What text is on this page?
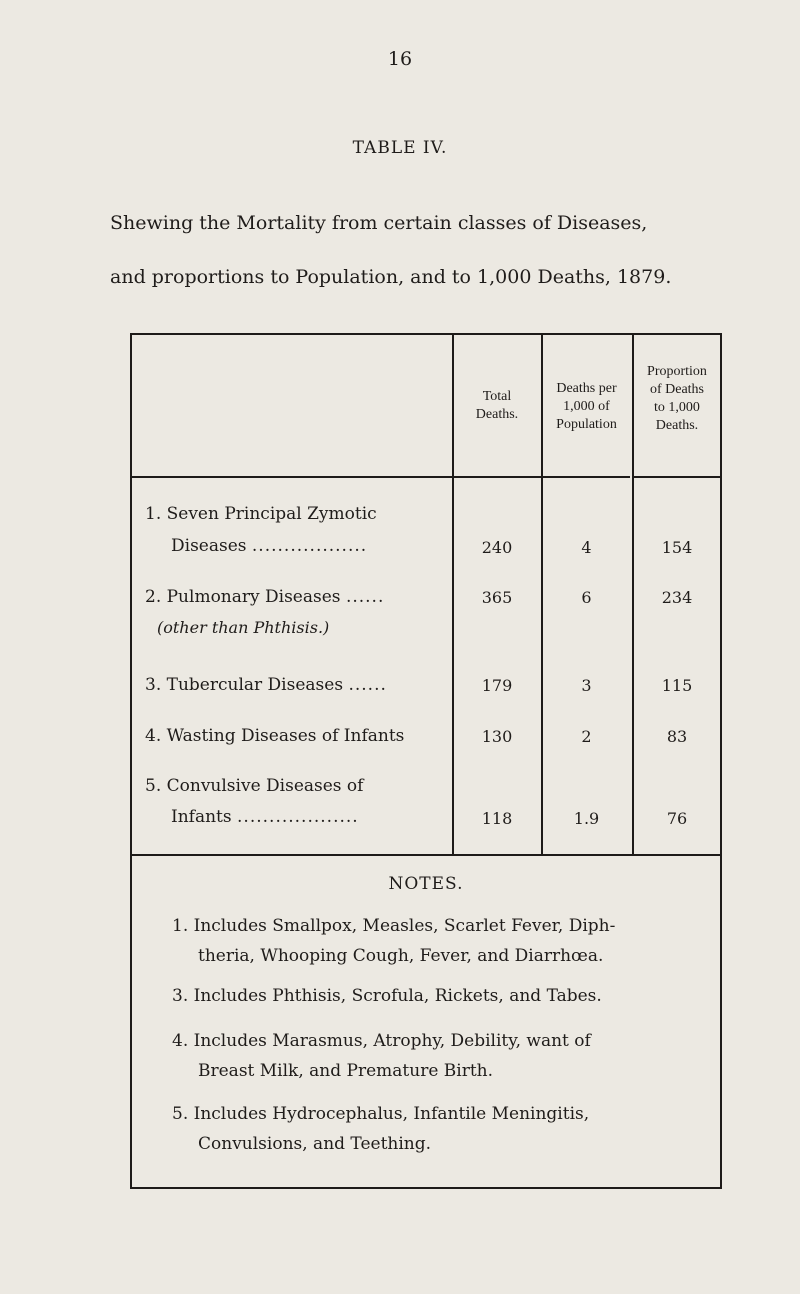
16
TABLE IV.
Shewing the Mortality from certain classes of Diseases,
and proportions to Population, and to 1,000 Deaths, 1879.
Total
Deaths.
Deaths per
1,000 of
Population
Proportion
of Deaths
to 1,000
Deaths.
1. Seven Principal Zymotic
Diseases ..................	240	4	154
2. Pulmonary Diseases ......
(other than Phthisis.)
365	6	234
3. Tubercular Diseases ......	179	3	115
4. Wasting Diseases of Infants	130	2	83
5. Convulsive Diseases of
Infants ...................	118	1.9	76
NOTES.
1. Includes Smallpox, Measles, Scarlet Fever, Diph-
theria, Whooping Cough, Fever, and Diarrhœa.
3. Includes Phthisis, Scrofula, Rickets, and Tabes.
4. Includes Marasmus, Atrophy, Debility, want of
Breast Milk, and Premature Birth.
5. Includes Hydrocephalus, Infantile Meningitis,
Convulsions, and Teething.
